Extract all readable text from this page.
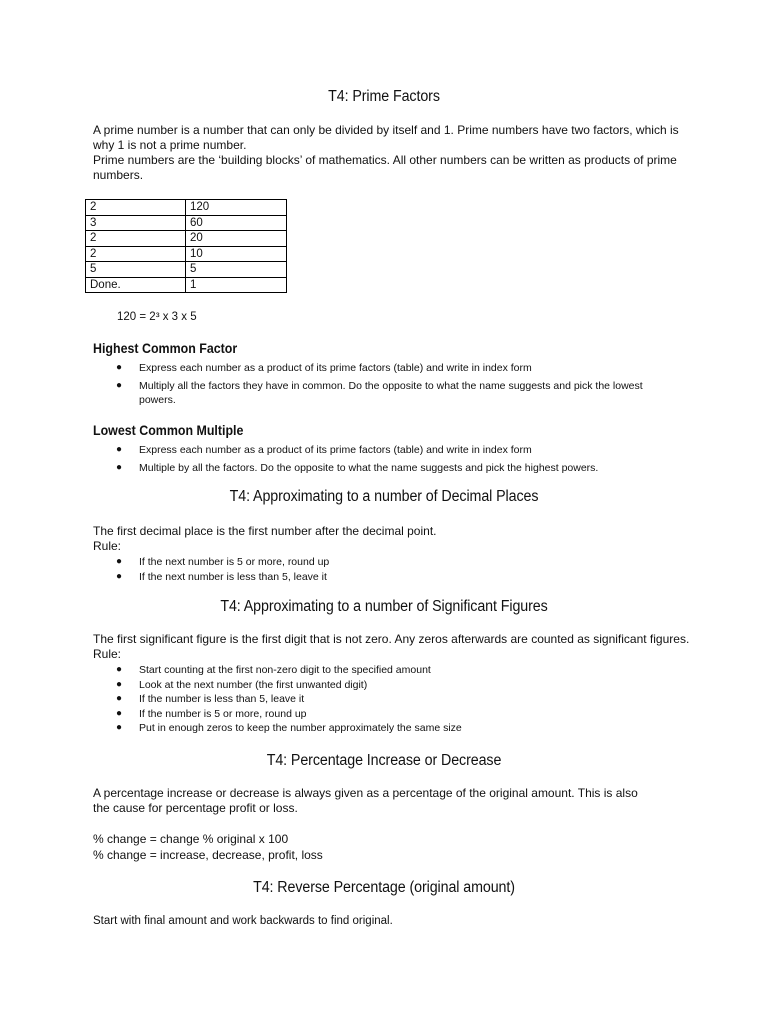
T4: Prime Factors

A prime number is a number that can only be divided by itself and 1. Prime numbers have two factors, which is why 1 is not a prime number.

Prime numbers are the ‘building blocks’ of mathematics. All other numbers can be written as products of prime numbers.

2	120
3	60
2	20
2	10
5	5
Done.	1

120 = 2³ x 3 x 5

Highest Common Factor
● Express each number as a product of its prime factors (table) and write in index form
● Multiply all the factors they have in common. Do the opposite to what the name suggests and pick the lowest powers.
Lowest Common Multiple
● Express each number as a product of its prime factors (table) and write in index form
● Multiple by all the factors. Do the opposite to what the name suggests and pick the highest powers.
T4: Approximating to a number of Decimal Places

The first decimal place is the first number after the decimal point.

Rule:

● If the next number is 5 or more, round up
● If the next number is less than 5, leave it
T4: Approximating to a number of Significant Figures

The first significant figure is the first digit that is not zero. Any zeros afterwards are counted as significant figures.

Rule:

● Start counting at the first non-zero digit to the specified amount
● Look at the next number (the first unwanted digit)
● If the number is less than 5, leave it
● If the number is 5 or more, round up
● Put in enough zeros to keep the number approximately the same size
T4: Percentage Increase or Decrease

A percentage increase or decrease is always given as a percentage of the original amount. This is also the cause for percentage profit or loss.

% change = change % original x 100

% change = increase, decrease, profit, loss

T4: Reverse Percentage (original amount)

Start with final amount and work backwards to find original.
